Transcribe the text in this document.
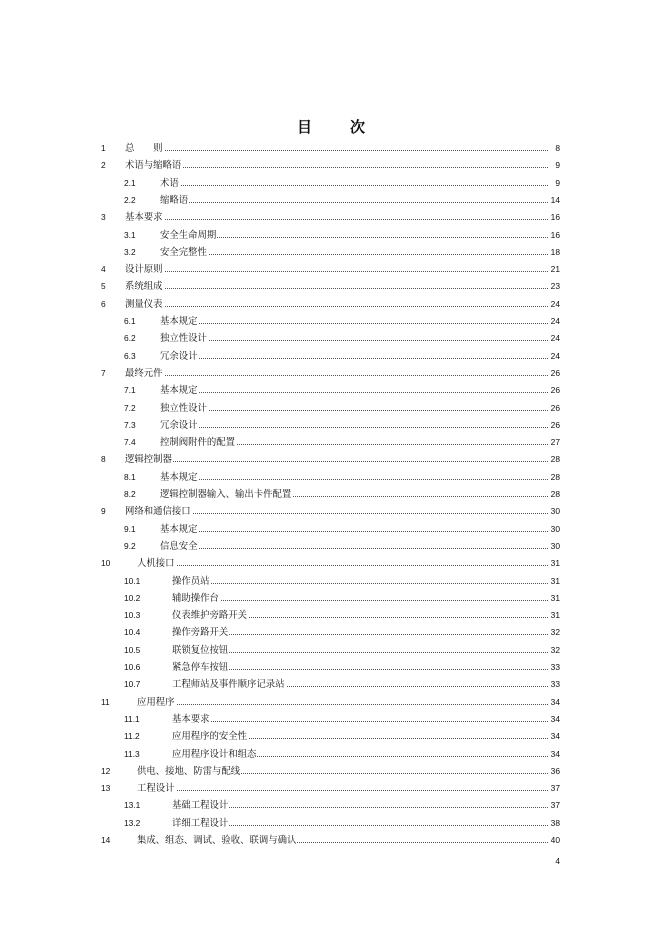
目	次
1 总　　则	8
2 术语与缩略语	9
2.1	术语	9
2.2	缩略语	14
3 基本要求	16
3.1	安全生命周期	16
3.2	安全完整性	18
4 设计原则	21
5 系统组成	23
6 测量仪表	24
6.1	基本规定	24
6.2	独立性设计	24
6.3	冗余设计	24
7 最终元件	26
7.1	基本规定	26
7.2	独立性设计	26
7.3	冗余设计	26
7.4	控制阀附件的配置	27
8 逻辑控制器	28
8.1	基本规定	28
8.2	逻辑控制器输入、输出卡件配置	28
9 网络和通信接口	30
9.1	基本规定	30
9.2	信息安全	30
10	人机接口	31
10.1	操作员站	31
10.2	辅助操作台	31
10.3	仪表维护旁路开关	31
10.4	操作旁路开关	32
10.5	联锁复位按钮	32
10.6	紧急停车按钮	33
10.7	工程师站及事件顺序记录站	33
11	应用程序	34
11.1	基本要求	34
11.2	应用程序的安全性	34
11.3	应用程序设计和组态	34
12	供电、接地、防雷与配线	36
13	工程设计	37
13.1	基础工程设计	37
13.2	详细工程设计	38
14	集成、组态、调试、验收、联调与确认	40
4
